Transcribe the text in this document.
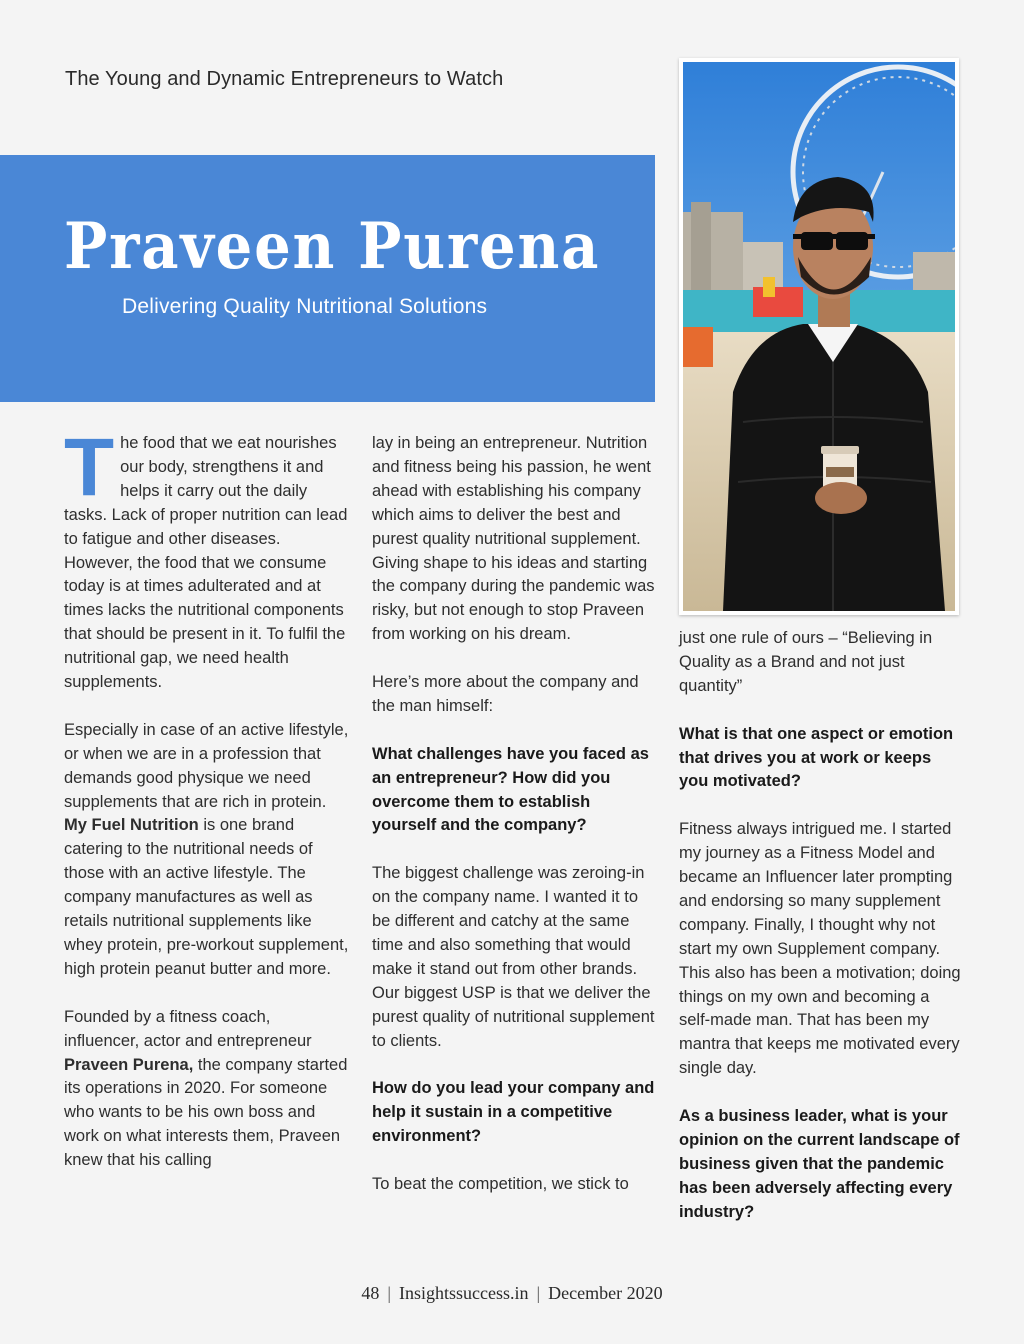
The Young and Dynamic Entrepreneurs to Watch
Praveen Purena
Delivering Quality Nutritional Solutions

The food that we eat nourishes our body, strengthens it and helps it carry out the daily tasks. Lack of proper nutrition can lead to fatigue and other diseases. However, the food that we consume today is at times adulterated and at times lacks the nutritional components that should be present in it. To fulfil the nutritional gap, we need health supplements.

Especially in case of an active lifestyle, or when we are in a profession that demands good physique we need supplements that are rich in protein. My Fuel Nutrition is one brand catering to the nutritional needs of those with an active lifestyle. The company manufactures as well as retails nutritional supplements like whey protein, pre-workout supplement, high protein peanut butter and more.

Founded by a fitness coach, influencer, actor and entrepreneur Praveen Purena, the company started its operations in 2020. For someone who wants to be his own boss and work on what interests them, Praveen knew that his calling

lay in being an entrepreneur. Nutrition and fitness being his passion, he went ahead with establishing his company which aims to deliver the best and purest quality nutritional supplement. Giving shape to his ideas and starting the company during the pandemic was risky, but not enough to stop Praveen from working on his dream.

Here’s more about the company and the man himself:

What challenges have you faced as an entrepreneur? How did you overcome them to establish yourself and the company?

The biggest challenge was zeroing-in on the company name. I wanted it to be different and catchy at the same time and also something that would make it stand out from other brands. Our biggest USP is that we deliver the purest quality of nutritional supplement to clients.

How do you lead your company and help it sustain in a competitive environment?

To beat the competition, we stick to

just one rule of ours – “Believing in Quality as a Brand and not just quantity”

What is that one aspect or emotion that drives you at work or keeps you motivated?

Fitness always intrigued me. I started my journey as a Fitness Model and became an Influencer later prompting and endorsing so many supplement company. Finally, I thought why not start my own Supplement company. This also has been a motivation; doing things on my own and becoming a self-made man. That has been my mantra that keeps me motivated every single day.

As a business leader, what is your opinion on the current landscape of business given that the pandemic has been adversely affecting every industry?

48 | Insightssuccess.in | December 2020
